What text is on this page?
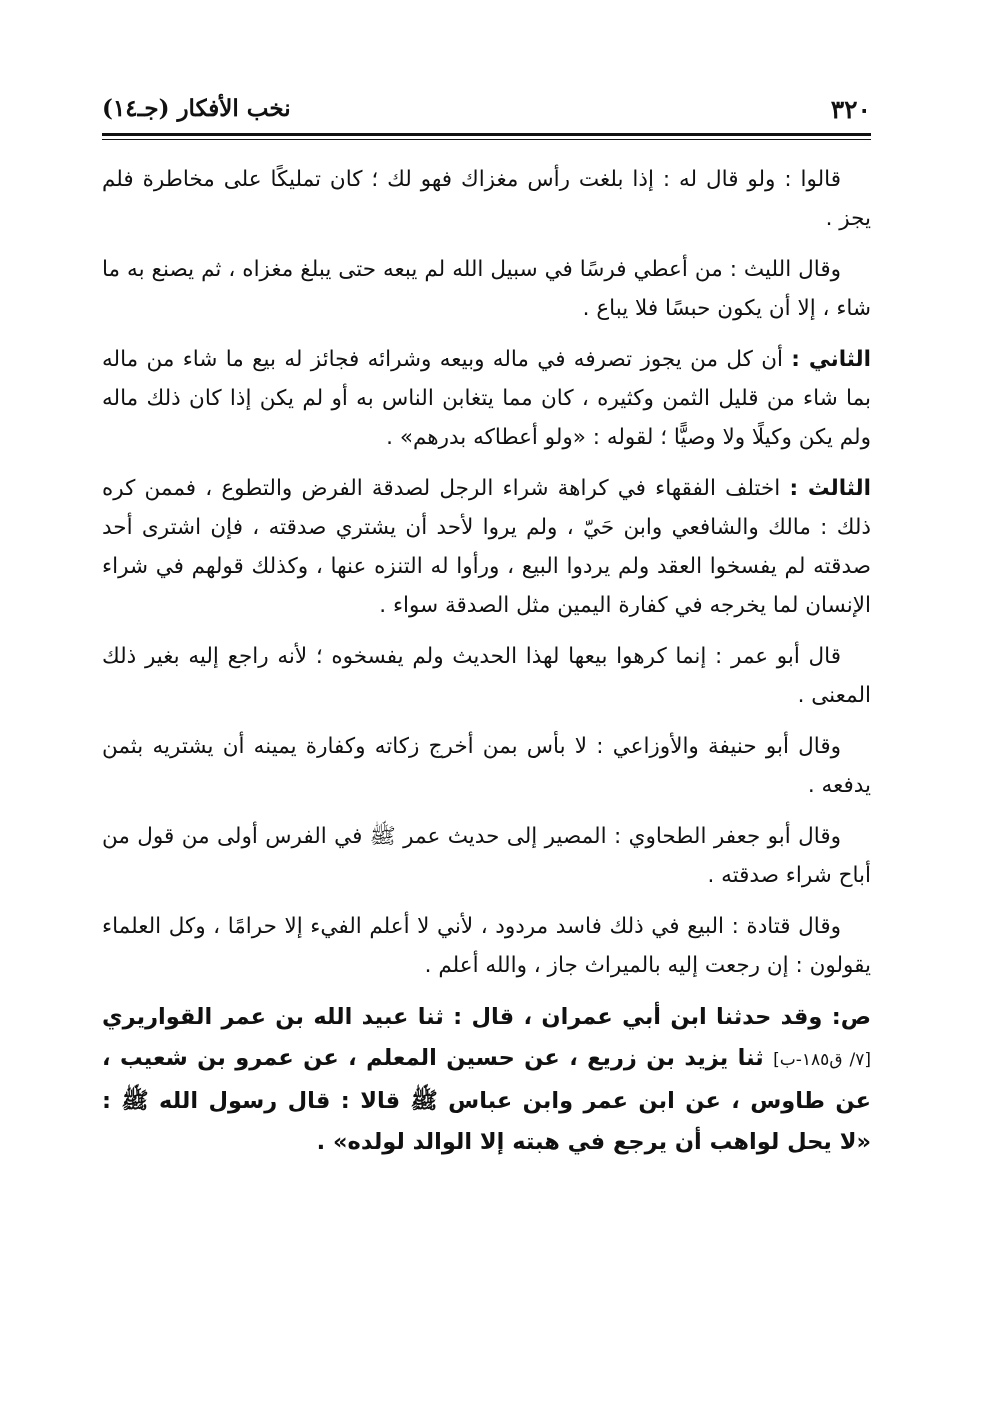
٣٢٠
نخب الأفكار (جـ١٤)

قالوا : ولو قال له : إذا بلغت رأس مغزاك فهو لك ؛ كان تمليكًا على مخاطرة فلم يجز .

وقال الليث : من أعطي فرسًا في سبيل الله لم يبعه حتى يبلغ مغزاه ، ثم يصنع به ما شاء ، إلا أن يكون حبسًا فلا يباع .

الثاني : أن كل من يجوز تصرفه في ماله وبيعه وشرائه فجائز له بيع ما شاء من ماله بما شاء من قليل الثمن وكثيره ، كان مما يتغابن الناس به أو لم يكن إذا كان ذلك ماله ولم يكن وكيلًا ولا وصيًّا ؛ لقوله : «ولو أعطاكه بدرهم» .

الثالث : اختلف الفقهاء في كراهة شراء الرجل لصدقة الفرض والتطوع ، فممن كره ذلك : مالك والشافعي وابن حَيّ ، ولم يروا لأحد أن يشتري صدقته ، فإن اشترى أحد صدقته لم يفسخوا العقد ولم يردوا البيع ، ورأوا له التنزه عنها ، وكذلك قولهم في شراء الإنسان لما يخرجه في كفارة اليمين مثل الصدقة سواء .

قال أبو عمر : إنما كرهوا بيعها لهذا الحديث ولم يفسخوه ؛ لأنه راجع إليه بغير ذلك المعنى .

وقال أبو حنيفة والأوزاعي : لا بأس بمن أخرج زكاته وكفارة يمينه أن يشتريه بثمن يدفعه .

وقال أبو جعفر الطحاوي : المصير إلى حديث عمر ﷺ في الفرس أولى من قول من أباح شراء صدقته .

وقال قتادة : البيع في ذلك فاسد مردود ، لأني لا أعلم الفيء إلا حرامًا ، وكل العلماء يقولون : إن رجعت إليه بالميراث جاز ، والله أعلم .

ص: وقد حدثنا ابن أبي عمران ، قال : ثنا عبيد الله بن عمر القواريري [٧/ ق١٨٥-ب] ثنا يزيد بن زريع ، عن حسين المعلم ، عن عمرو بن شعيب ، عن طاوس ، عن ابن عمر وابن عباس ﷺ قالا : قال رسول الله ﷺ : «لا يحل لواهب أن يرجع في هبته إلا الوالد لولده» .
